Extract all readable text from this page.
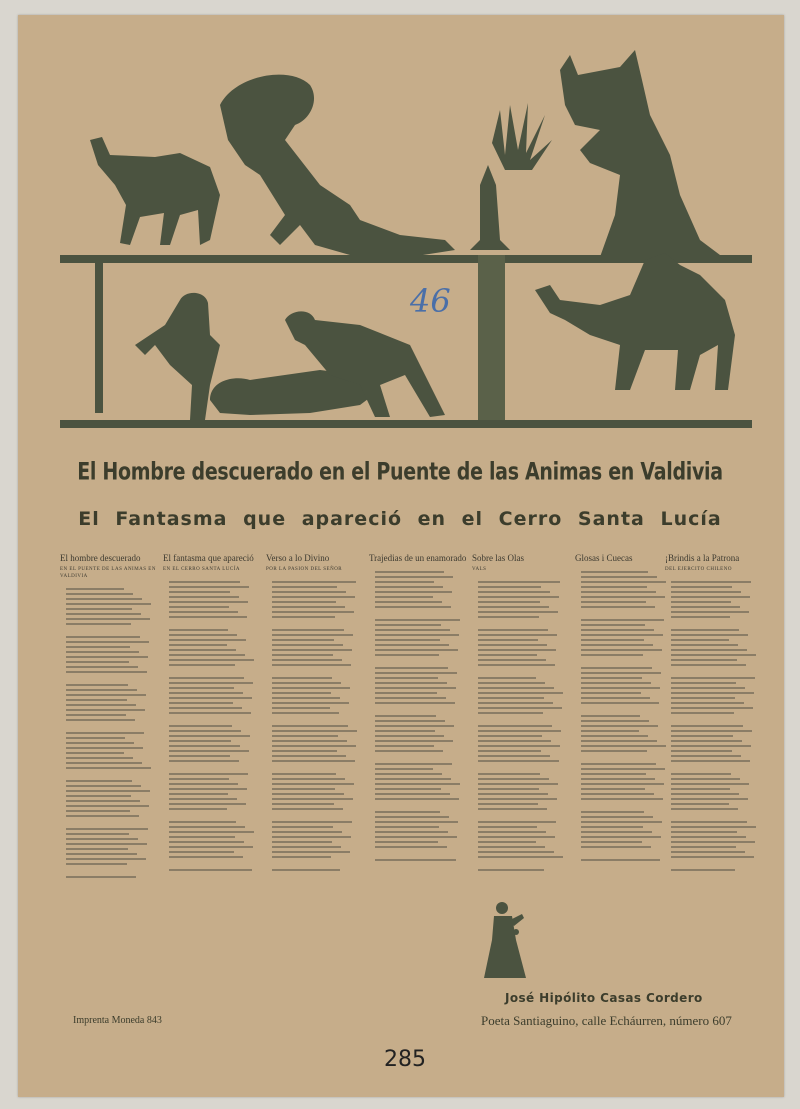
46
El Hombre descuerado en el Puente de las Animas en Valdivia
El Fantasma que apareció en el Cerro Santa Lucía
El hombre descuerado
EN EL PUENTE DE LAS ANIMAS EN VALDIVIA
El fantasma que apareció
EN EL CERRO SANTA LUCÍA
Verso a lo Divino
POR LA PASION DEL SEÑOR
Trajedias de un enamorado Sobre las Olas
VALS
Glosas i Cuecas	¡Brindis a la Patrona
DEL EJERCITO CHILENO
José Hipólito Casas Cordero
Poeta Santiaguino, calle Echáurren, número 607
Imprenta Moneda 843
285
